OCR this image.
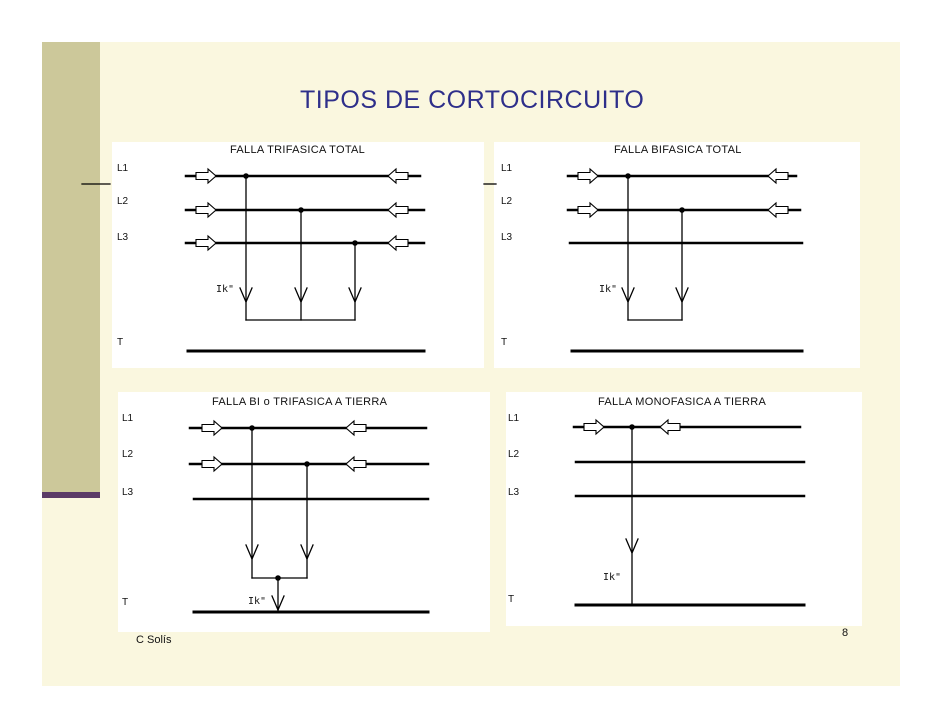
TIPOS DE CORTOCIRCUITO
FALLA TRIFASICA TOTAL	FALLA BIFASICA TOTAL
FALLA BI o TRIFASICA A TIERRA	FALLA MONOFASICA A TIERRA
L1
L2
L3
T
L1
L2
L3
T
L1
L2
L3
T
L1
L2
L3
T
Ik"	Ik"
Ik"
Ik"
C Solís
8
